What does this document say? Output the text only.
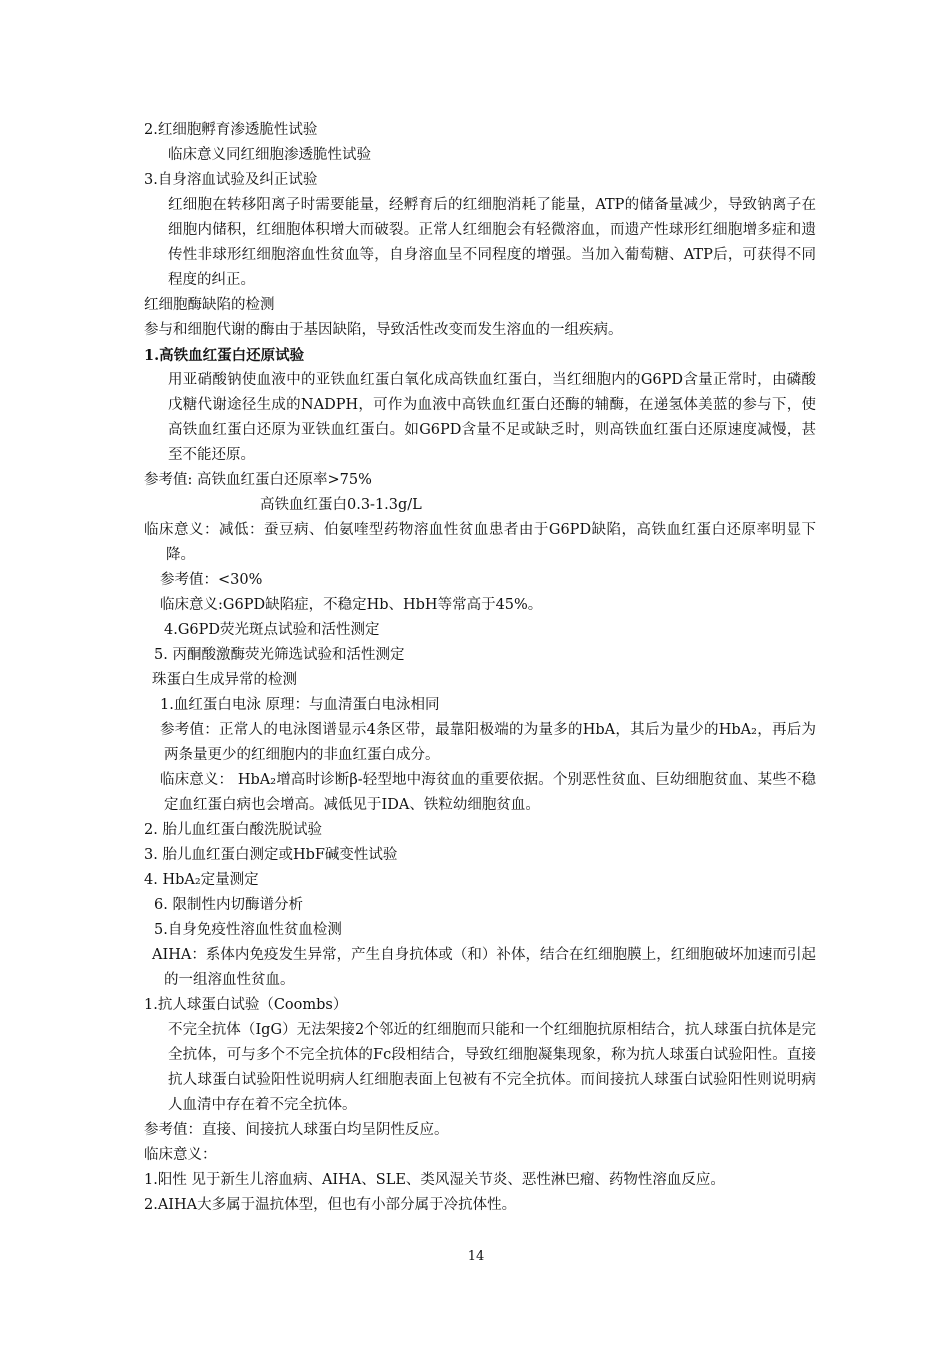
2.红细胞孵育渗透脆性试验

临床意义同红细胞渗透脆性试验

3.自身溶血试验及纠正试验

红细胞在转移阳离子时需要能量，经孵育后的红细胞消耗了能量，ATP的储备量减少，导致钠离子在细胞内储积，红细胞体积增大而破裂。正常人红细胞会有轻微溶血，而遗产性球形红细胞增多症和遗传性非球形红细胞溶血性贫血等，自身溶血呈不同程度的增强。当加入葡萄糖、ATP后，可获得不同程度的纠正。

红细胞酶缺陷的检测

参与和细胞代谢的酶由于基因缺陷，导致活性改变而发生溶血的一组疾病。

1.高铁血红蛋白还原试验

用亚硝酸钠使血液中的亚铁血红蛋白氧化成高铁血红蛋白，当红细胞内的G6PD含量正常时，由磷酸戊糖代谢途径生成的NADPH，可作为血液中高铁血红蛋白还酶的辅酶，在递氢体美蓝的参与下，使高铁血红蛋白还原为亚铁血红蛋白。如G6PD含量不足或缺乏时，则高铁血红蛋白还原速度减慢，甚至不能还原。

参考值: 高铁血红蛋白还原率>75%

高铁血红蛋白0.3-1.3g/L

临床意义：减低：蚕豆病、伯氨喹型药物溶血性贫血患者由于G6PD缺陷，高铁血红蛋白还原率明显下降。

参考值：<30%

临床意义:G6PD缺陷症，不稳定Hb、HbH等常高于45%。

4.G6PD荧光斑点试验和活性测定

5. 丙酮酸激酶荧光筛选试验和活性测定

珠蛋白生成异常的检测

1.血红蛋白电泳 原理：与血清蛋白电泳相同

参考值：正常人的电泳图谱显示4条区带，最靠阳极端的为量多的HbA，其后为量少的HbA₂，再后为两条量更少的红细胞内的非血红蛋白成分。

临床意义： HbA₂增高时诊断β-轻型地中海贫血的重要依据。个别恶性贫血、巨幼细胞贫血、某些不稳定血红蛋白病也会增高。减低见于IDA、铁粒幼细胞贫血。

2. 胎儿血红蛋白酸洗脱试验

3. 胎儿血红蛋白测定或HbF碱变性试验

4. HbA₂定量测定

6. 限制性内切酶谱分析

5.自身免疫性溶血性贫血检测

AIHA：系体内免疫发生异常，产生自身抗体或（和）补体，结合在红细胞膜上，红细胞破坏加速而引起的一组溶血性贫血。

1.抗人球蛋白试验（Coombs）

不完全抗体（IgG）无法架接2个邻近的红细胞而只能和一个红细胞抗原相结合，抗人球蛋白抗体是完全抗体，可与多个不完全抗体的Fc段相结合，导致红细胞凝集现象，称为抗人球蛋白试验阳性。直接抗人球蛋白试验阳性说明病人红细胞表面上包被有不完全抗体。而间接抗人球蛋白试验阳性则说明病人血清中存在着不完全抗体。

参考值：直接、间接抗人球蛋白均呈阴性反应。

临床意义：

1.阳性 见于新生儿溶血病、AIHA、SLE、类风湿关节炎、恶性淋巴瘤、药物性溶血反应。

2.AIHA大多属于温抗体型，但也有小部分属于冷抗体性。

14
